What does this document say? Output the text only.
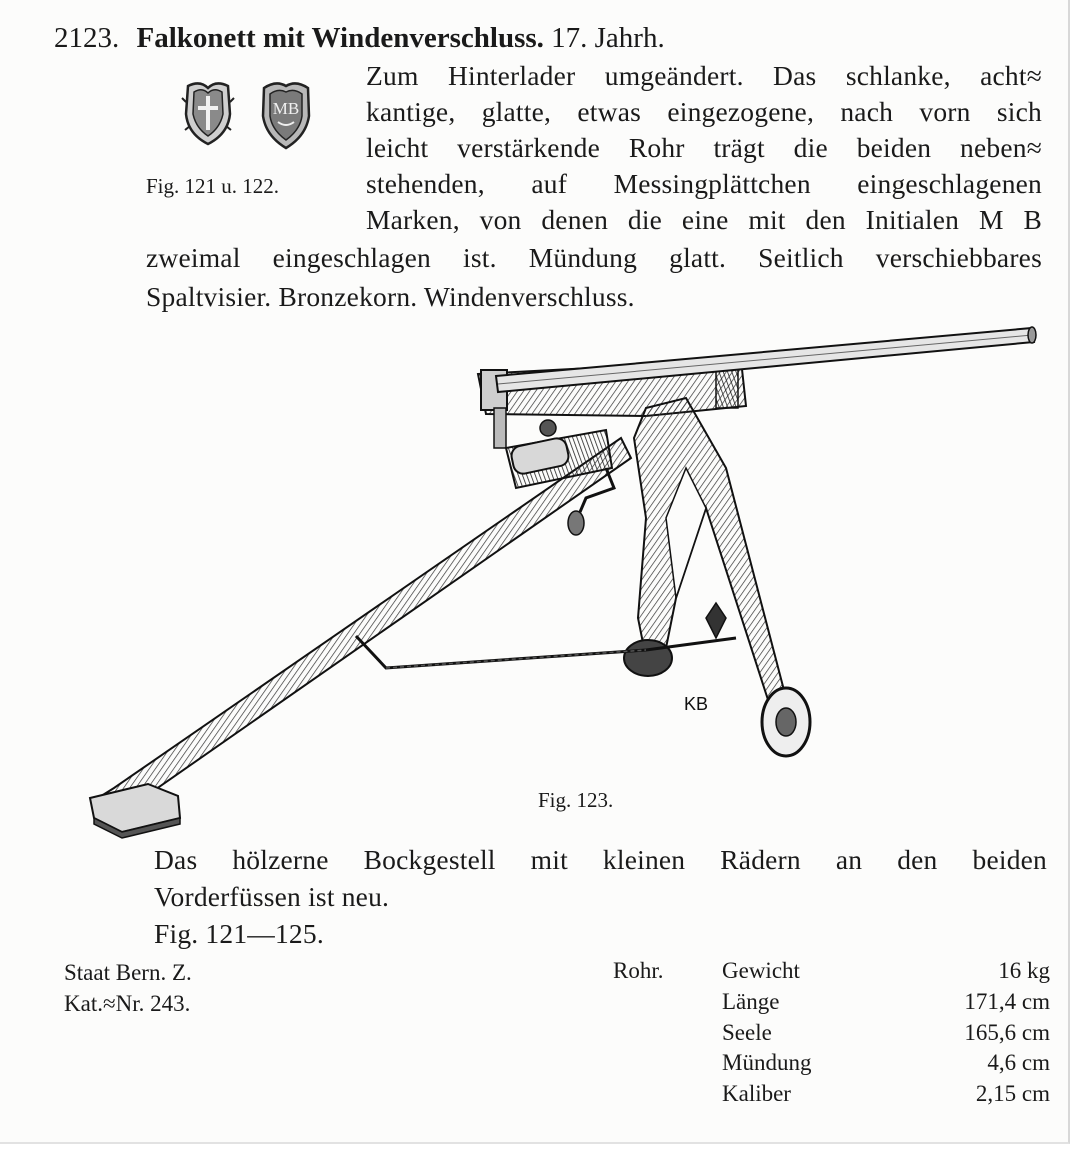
2123. Falkonett mit Windenverschluss. 17. Jahrh.
MB
Fig. 121 u. 122.
Zum Hinterlader umgeändert. Das schlanke, acht≈
kantige, glatte, etwas eingezogene, nach vorn sich
leicht verstärkende Rohr trägt die beiden neben≈
stehenden, auf Messingplättchen eingeschlagenen
Marken, von denen die eine mit den Initialen M B
zweimal eingeschlagen ist. Mündung glatt. Seitlich verschiebbares
Spaltvisier. Bronzekorn. Windenverschluss.
KB
Fig. 123.
Das hölzerne Bockgestell mit kleinen Rädern an den beiden
Vorderfüssen ist neu.
Fig. 121—125.
Staat Bern. Z.
Kat.≈Nr. 243.
Rohr.	Gewicht	16 kg
Länge	171,4 cm
Seele	165,6 cm
Mündung	4,6 cm
Kaliber	2,15 cm
